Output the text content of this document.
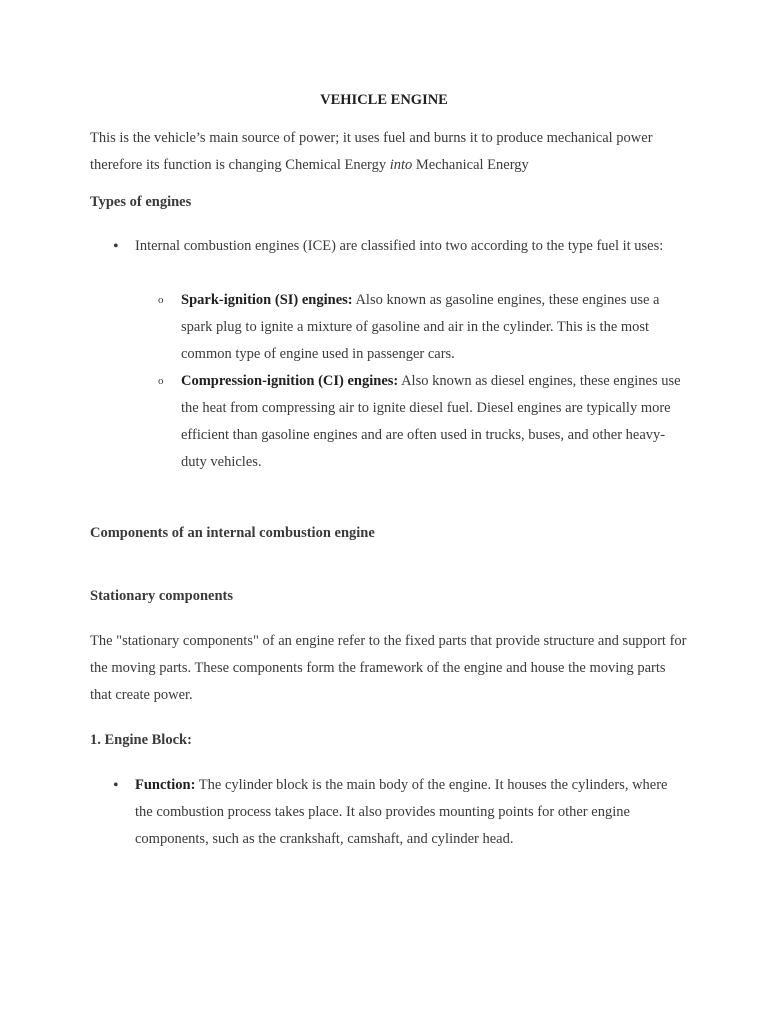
VEHICLE ENGINE

This is the vehicle’s main source of power; it uses fuel and burns it to produce mechanical power therefore its function is changing Chemical Energy into Mechanical Energy

Types of engines

• Internal combustion engines (ICE) are classified into two according to the type fuel it uses:

o Spark-ignition (SI) engines: Also known as gasoline engines, these engines use a spark plug to ignite a mixture of gasoline and air in the cylinder. This is the most common type of engine used in passenger cars.

o Compression-ignition (CI) engines: Also known as diesel engines, these engines use the heat from compressing air to ignite diesel fuel. Diesel engines are typically more efficient than gasoline engines and are often used in trucks, buses, and other heavy-duty vehicles.

Components of an internal combustion engine

Stationary components

The "stationary components" of an engine refer to the fixed parts that provide structure and support for the moving parts. These components form the framework of the engine and house the moving parts that create power.

1. Engine Block:

• Function: The cylinder block is the main body of the engine. It houses the cylinders, where the combustion process takes place. It also provides mounting points for other engine components, such as the crankshaft, camshaft, and cylinder head.
